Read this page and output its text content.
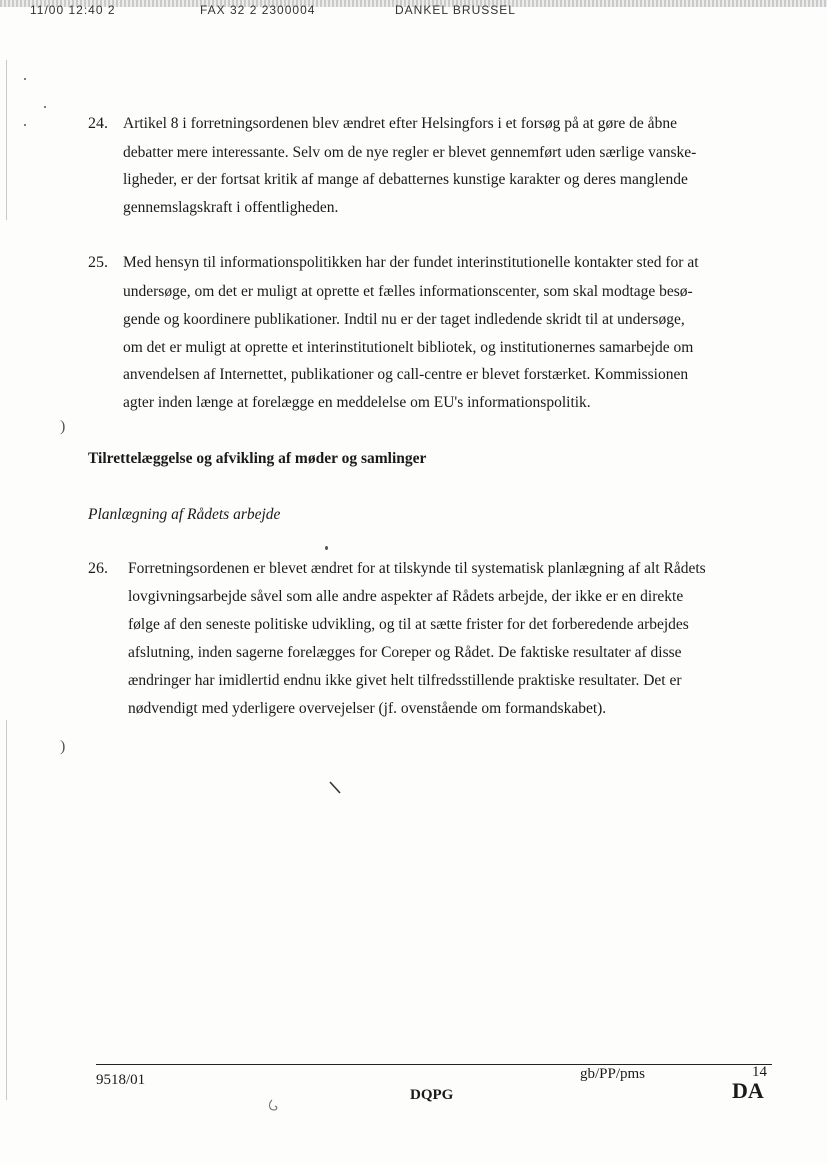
11/00 12:40 2	FAX 32 2 2300004	DANKEL BRUSSEL
)
)
24. Artikel 8 i forretningsordenen blev ændret efter Helsingfors i et forsøg på at gøre de åbne
debatter mere interessante. Selv om de nye regler er blevet gennemført uden særlige vanske-
ligheder, er der fortsat kritik af mange af debatternes kunstige karakter og deres manglende
gennemslagskraft i offentligheden.
25. Med hensyn til informationspolitikken har der fundet interinstitutionelle kontakter sted for at
undersøge, om det er muligt at oprette et fælles informationscenter, som skal modtage besø-
gende og koordinere publikationer. Indtil nu er der taget indledende skridt til at undersøge,
om det er muligt at oprette et interinstitutionelt bibliotek, og institutionernes samarbejde om
anvendelsen af Internettet, publikationer og call-centre er blevet forstærket. Kommissionen
agter inden længe at forelægge en meddelelse om EU's informationspolitik.
Tilrettelæggelse og afvikling af møder og samlinger
Planlægning af Rådets arbejde
26. Forretningsordenen er blevet ændret for at tilskynde til systematisk planlægning af alt Rådets
lovgivningsarbejde såvel som alle andre aspekter af Rådets arbejde, der ikke er en direkte
følge af den seneste politiske udvikling, og til at sætte frister for det forberedende arbejdes
afslutning, inden sagerne forelægges for Coreper og Rådet. De faktiske resultater af disse
ændringer har imidlertid endnu ikke givet helt tilfredsstillende praktiske resultater. Det er
nødvendigt med yderligere overvejelser (jf. ovenstående om formandskabet).
9518/01	gb/PP/pms	14
DQPG	DA
